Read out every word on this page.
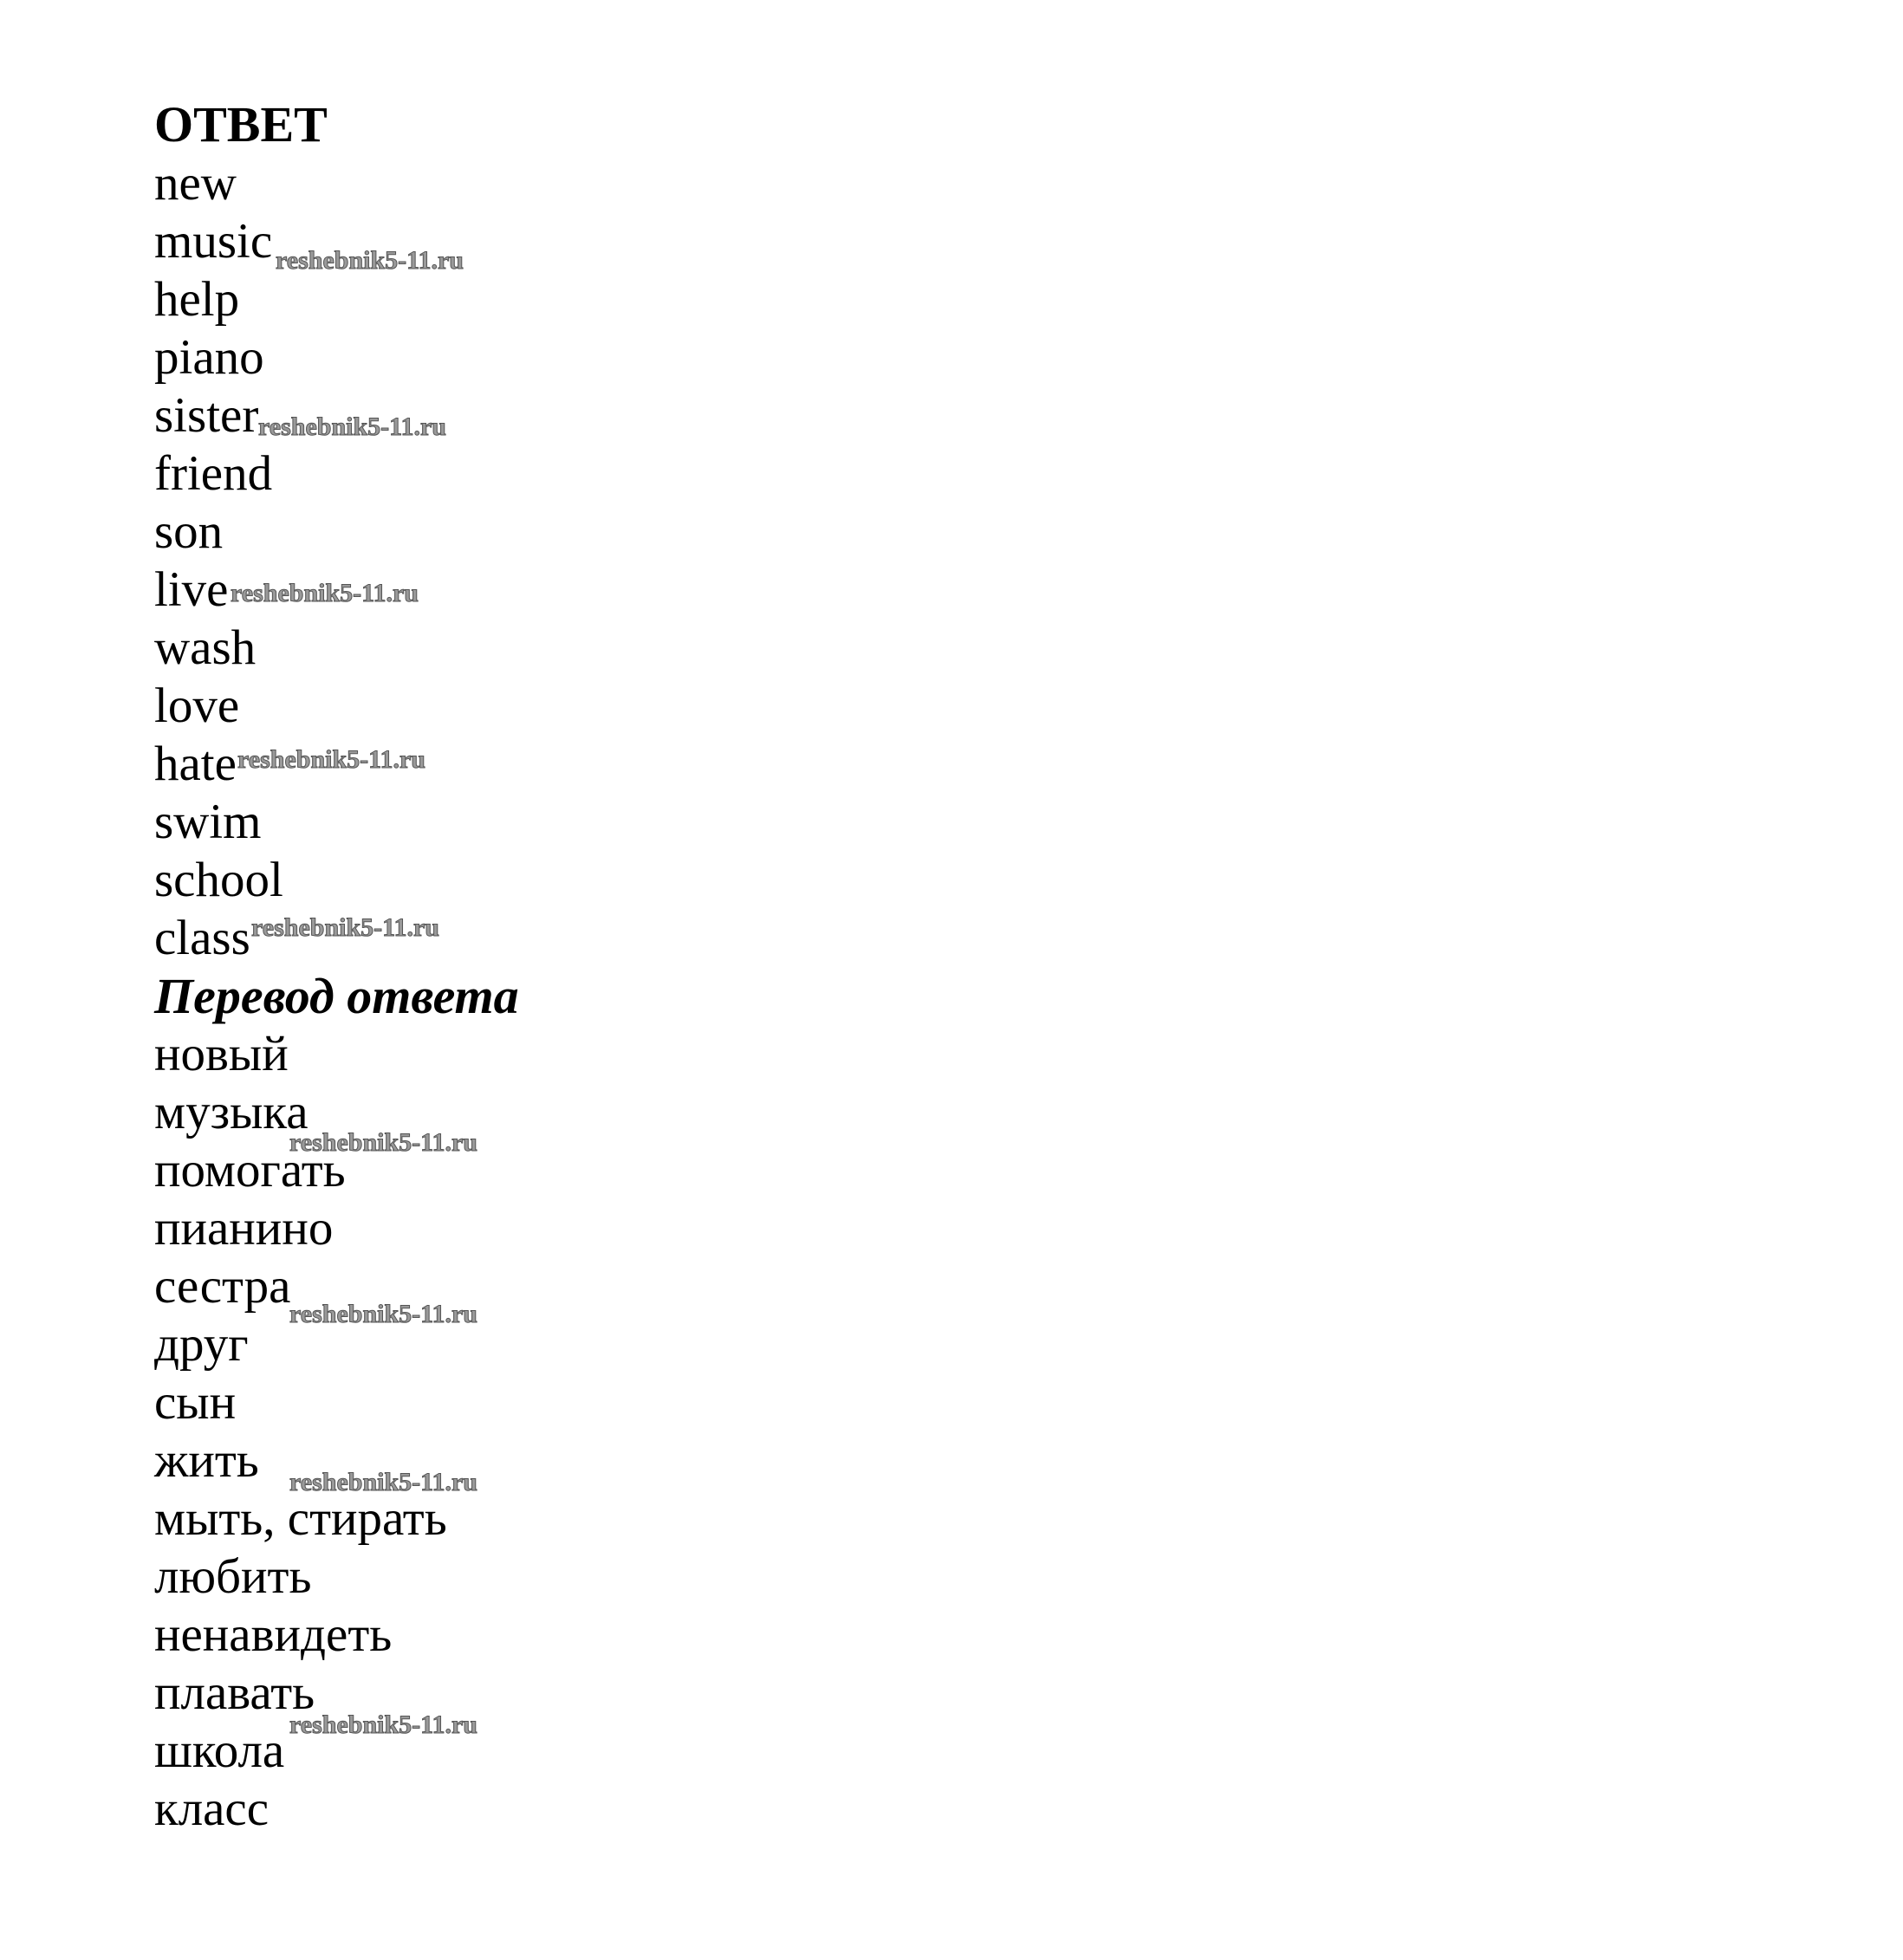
ОТВЕТ
new
music
help
piano
sister
friend
son
live
wash
love
hate
swim
school
class
Перевод ответа
новый
музыка
помогать
пианино
сестра
друг
сын
жить
мыть, стирать
любить
ненавидеть
плавать
школа
класс
reshebnik5-11.ru
reshebnik5-11.ru
reshebnik5-11.ru
reshebnik5-11.ru
reshebnik5-11.ru
reshebnik5-11.ru
reshebnik5-11.ru
reshebnik5-11.ru
reshebnik5-11.ru
